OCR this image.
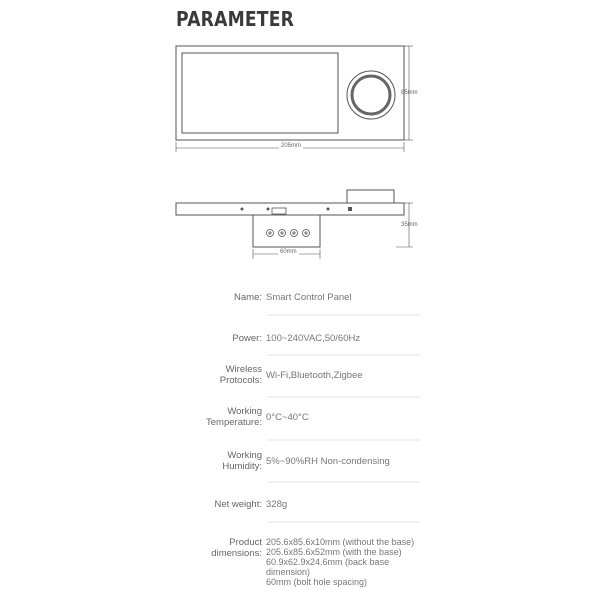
PARAMETER
85mm
205mm
35mm
60mm
Name: Smart Control Panel
Power: 100~240VAC,50/60Hz
Wireless
Protocols: Wi-Fi,Bluetooth,Zigbee
Working
Temperature: 0°C~40°C
Working
Humidity: 5%~90%RH Non-condensing
Net weight: 328g
Product
dimensions:
205.6x85.6x10mm (without the base)
205.6x85.6x52mm (with the base)
60.9x62.9x24.6mm (back base
dimension)
60mm (bolt hole spacing)
